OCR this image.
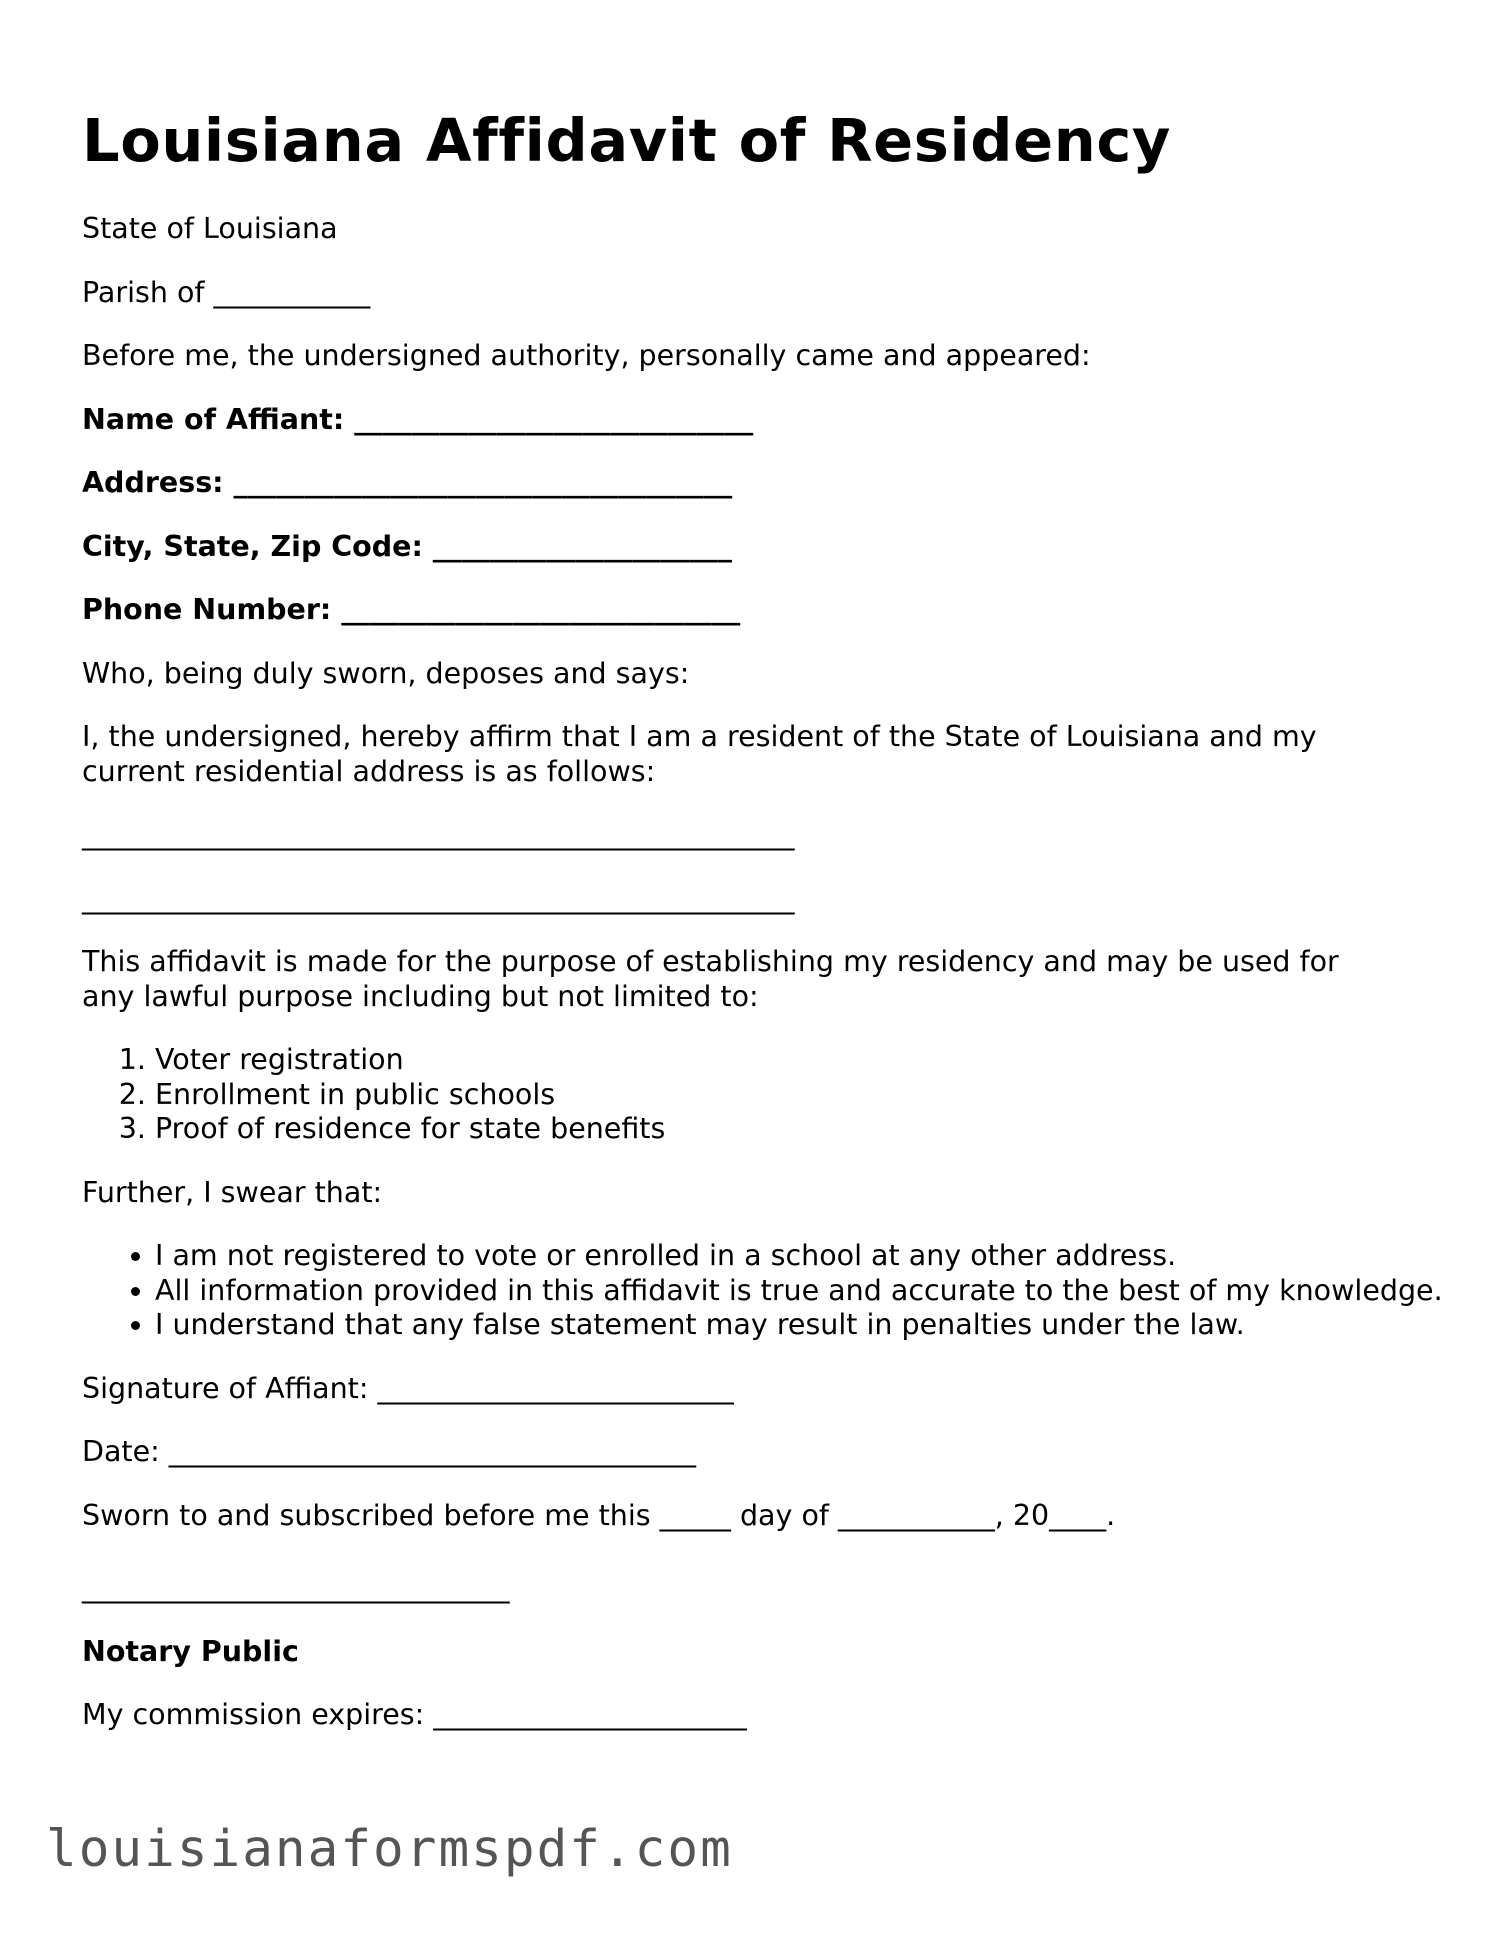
Louisiana Affidavit of Residency

State of Louisiana

Parish of ___________

Before me, the undersigned authority, personally came and appeared:

Name of Affiant: ____________________________

Address: ___________________________________

City, State, Zip Code: _____________________

Phone Number: ____________________________

Who, being duly sworn, deposes and says:

I, the undersigned, hereby affirm that I am a resident of the State of Louisiana and my current residential address is as follows:

__________________________________________________

__________________________________________________

This affidavit is made for the purpose of establishing my residency and may be used for any lawful purpose including but not limited to:

1. Voter registration
2. Enrollment in public schools
3. Proof of residence for state benefits

Further, I swear that:

• I am not registered to vote or enrolled in a school at any other address.
• All information provided in this affidavit is true and accurate to the best of my knowledge.
• I understand that any false statement may result in penalties under the law.

Signature of Affiant: _________________________

Date: _____________________________________

Sworn to and subscribed before me this _____ day of ___________, 20____.

______________________________

Notary Public

My commission expires: ______________________

louisianaformspdf.com
